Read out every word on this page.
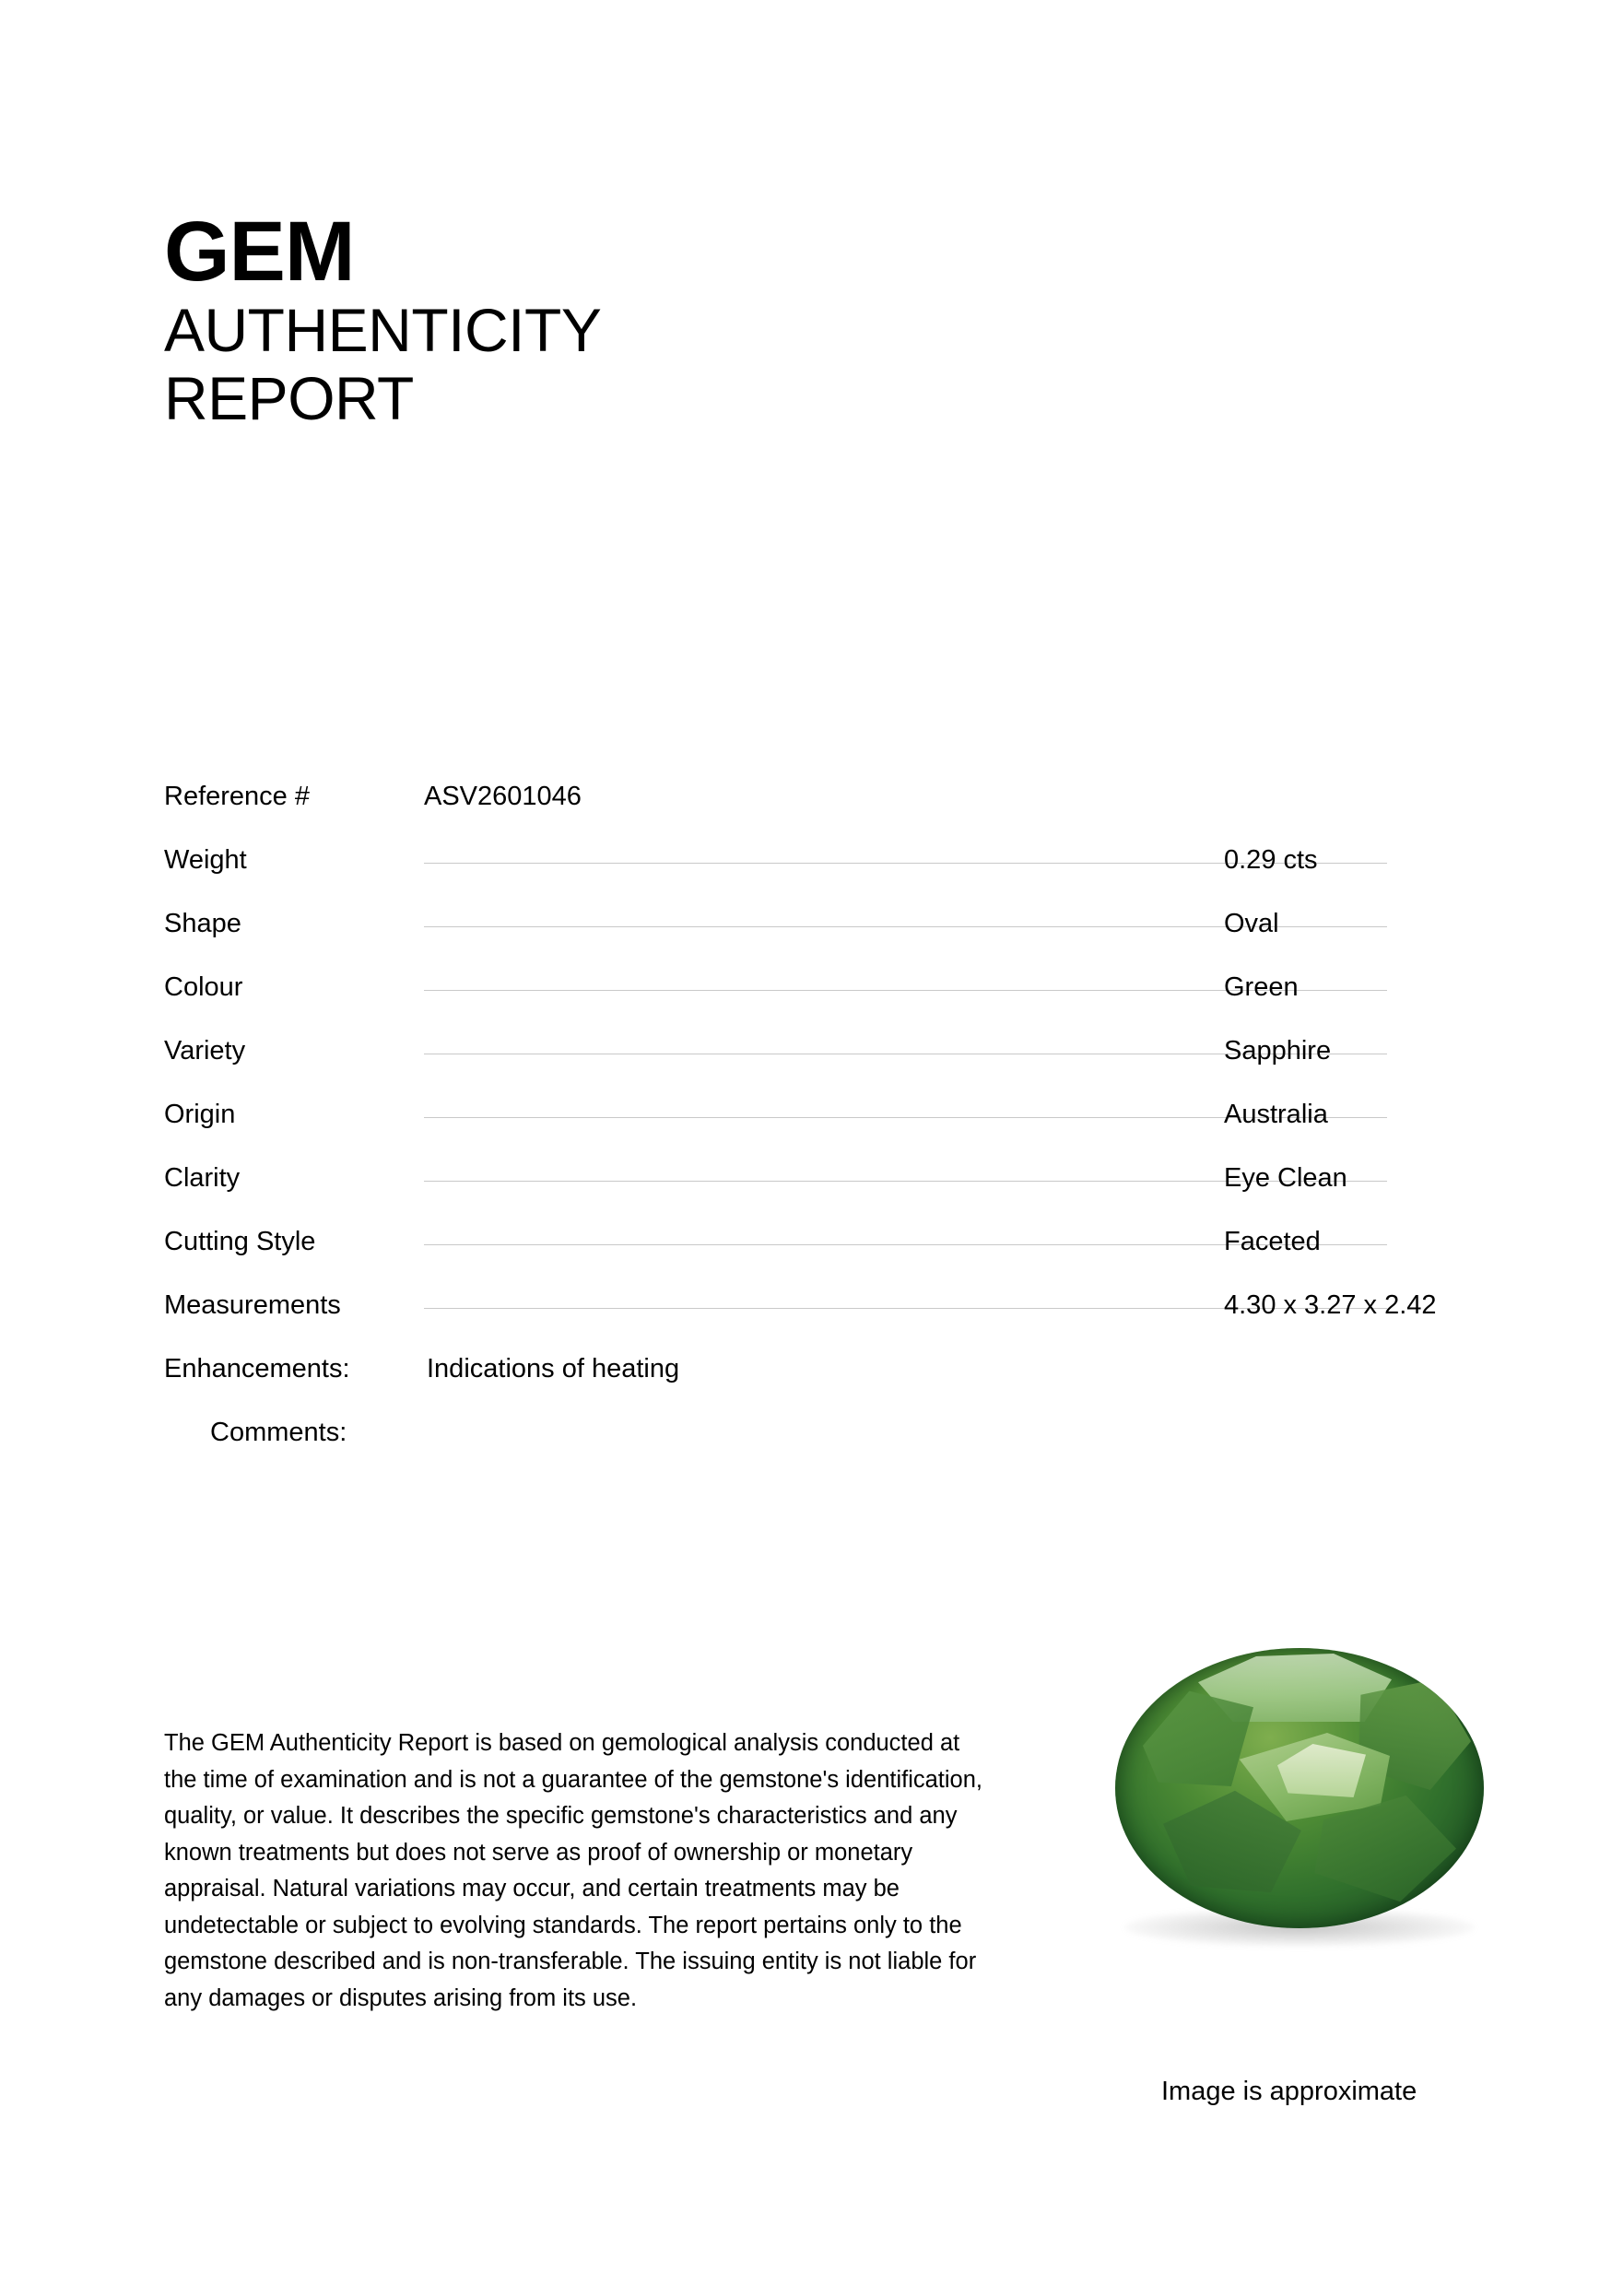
GEM
AUTHENTICITY
REPORT
Reference #	ASV2601046
Weight	0.29 cts
Shape	Oval
Colour	Green
Variety	Sapphire
Origin	Australia
Clarity	Eye Clean
Cutting Style	Faceted
Measurements	4.30 x 3.27 x 2.42
Enhancements:	Indications of heating
Comments:
The GEM Authenticity Report is based on gemological analysis conducted at the time of examination and is not a guarantee of the gemstone's identification, quality, or value. It describes the specific gemstone's characteristics and any known treatments but does not serve as proof of ownership or monetary appraisal. Natural variations may occur, and certain treatments may be undetectable or subject to evolving standards. The report pertains only to the gemstone described and is non-transferable. The issuing entity is not liable for any damages or disputes arising from its use.
Image is approximate
